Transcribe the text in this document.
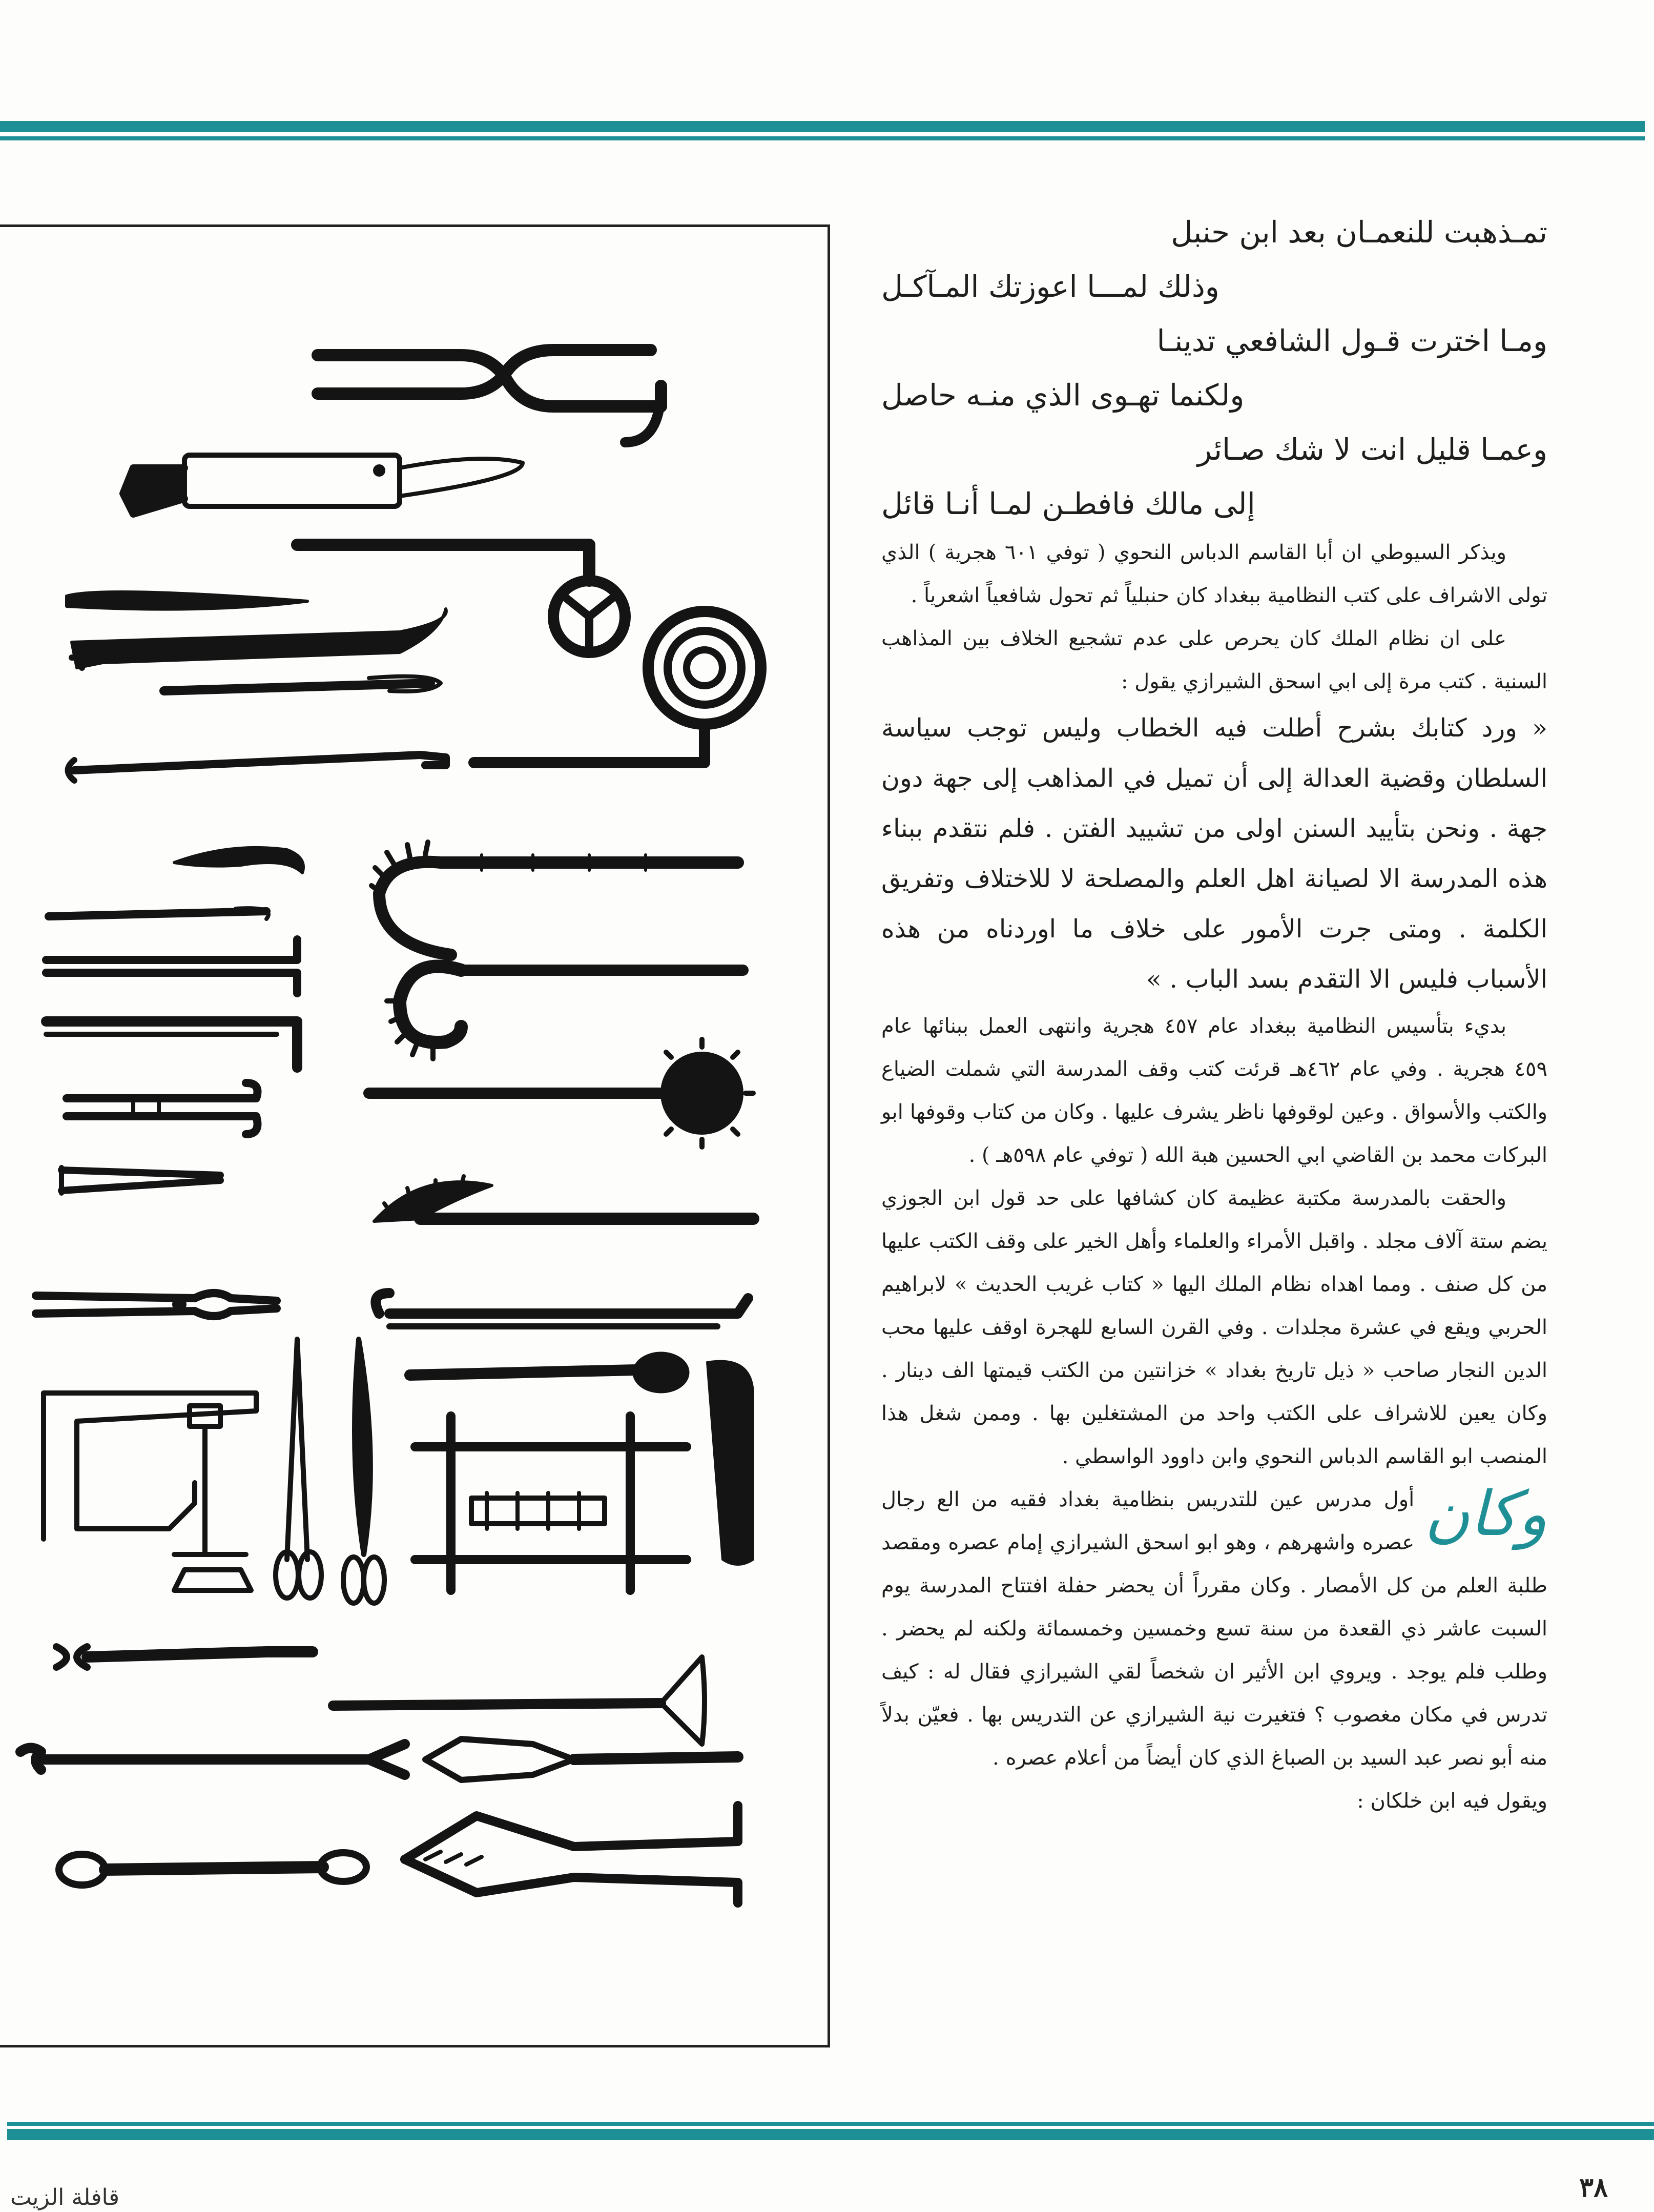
تمـذهبت للنعمـان بعد ابن حنبل

وذلك لمـــا اعوزتك المـآكـل

ومـا اخترت قـول الشافعي تدينـا

ولكنما تهـوى الذي منـه حاصل

وعمـا قليل انت لا شك صـائر

إلى مالك فافطـن لمـا أنـا قائل

ويذكر السيوطي ان أبا القاسم الدباس النحوي ( توفي ٦٠١ هجرية ) الذي تولى الاشراف على كتب النظامية ببغداد كان حنبلياً ثم تحول شافعياً اشعرياً .

على ان نظام الملك كان يحرص على عدم تشجيع الخلاف بين المذاهب السنية . كتب مرة إلى ابي اسحق الشيرازي يقول :

« ورد كتابك بشرح أطلت فيه الخطاب وليس توجب سياسة السلطان وقضية العدالة إلى أن تميل في المذاهب إلى جهة دون جهة . ونحن بتأييد السنن اولى من تشييد الفتن . فلم نتقدم ببناء هذه المدرسة الا لصيانة اهل العلم والمصلحة لا للاختلاف وتفريق الكلمة . ومتى جرت الأمور على خلاف ما اوردناه من هذه الأسباب فليس الا التقدم بسد الباب . »

بديء بتأسيس النظامية ببغداد عام ٤٥٧ هجرية وانتهى العمل ببنائها عام ٤٥٩ هجرية . وفي عام ٤٦٢هـ قرئت كتب وقف المدرسة التي شملت الضياع والكتب والأسواق . وعين لوقوفها ناظر يشرف عليها . وكان من كتاب وقوفها ابو البركات محمد بن القاضي ابي الحسين هبة الله ( توفي عام ٥٩٨هـ ) .

والحقت بالمدرسة مكتبة عظيمة كان كشافها على حد قول ابن الجوزي يضم ستة آلاف مجلد . واقبل الأمراء والعلماء وأهل الخير على وقف الكتب عليها من كل صنف . ومما اهداه نظام الملك اليها « كتاب غريب الحديث » لابراهيم الحربي ويقع في عشرة مجلدات . وفي القرن السابع للهجرة اوقف عليها محب الدين النجار صاحب « ذيل تاريخ بغداد » خزانتين من الكتب قيمتها الف دينار . وكان يعين للاشراف على الكتب واحد من المشتغلين بها . وممن شغل هذا المنصب ابو القاسم الدباس النحوي وابن داوود الواسطي .

وكان
أول مدرس عين للتدريس بنظامية بغداد فقيه من الع رجال عصره واشهرهم ، وهو ابو اسحق الشيرازي إمام عصره ومقصد طلبة العلم من كل الأمصار . وكان مقرراً أن يحضر حفلة افتتاح المدرسة يوم السبت عاشر ذي القعدة من سنة تسع وخمسين وخمسمائة ولكنه لم يحضر . وطلب فلم يوجد . ويروي ابن الأثير ان شخصاً لقي الشيرازي فقال له : كيف تدرس في مكان مغصوب ؟ فتغيرت نية الشيرازي عن التدريس بها . فعيّن بدلاً منه أبو نصر عبد السيد بن الصباغ الذي كان أيضاً من أعلام عصره .

ويقول فيه ابن خلكان :

٣٨
قافلة الزيت
